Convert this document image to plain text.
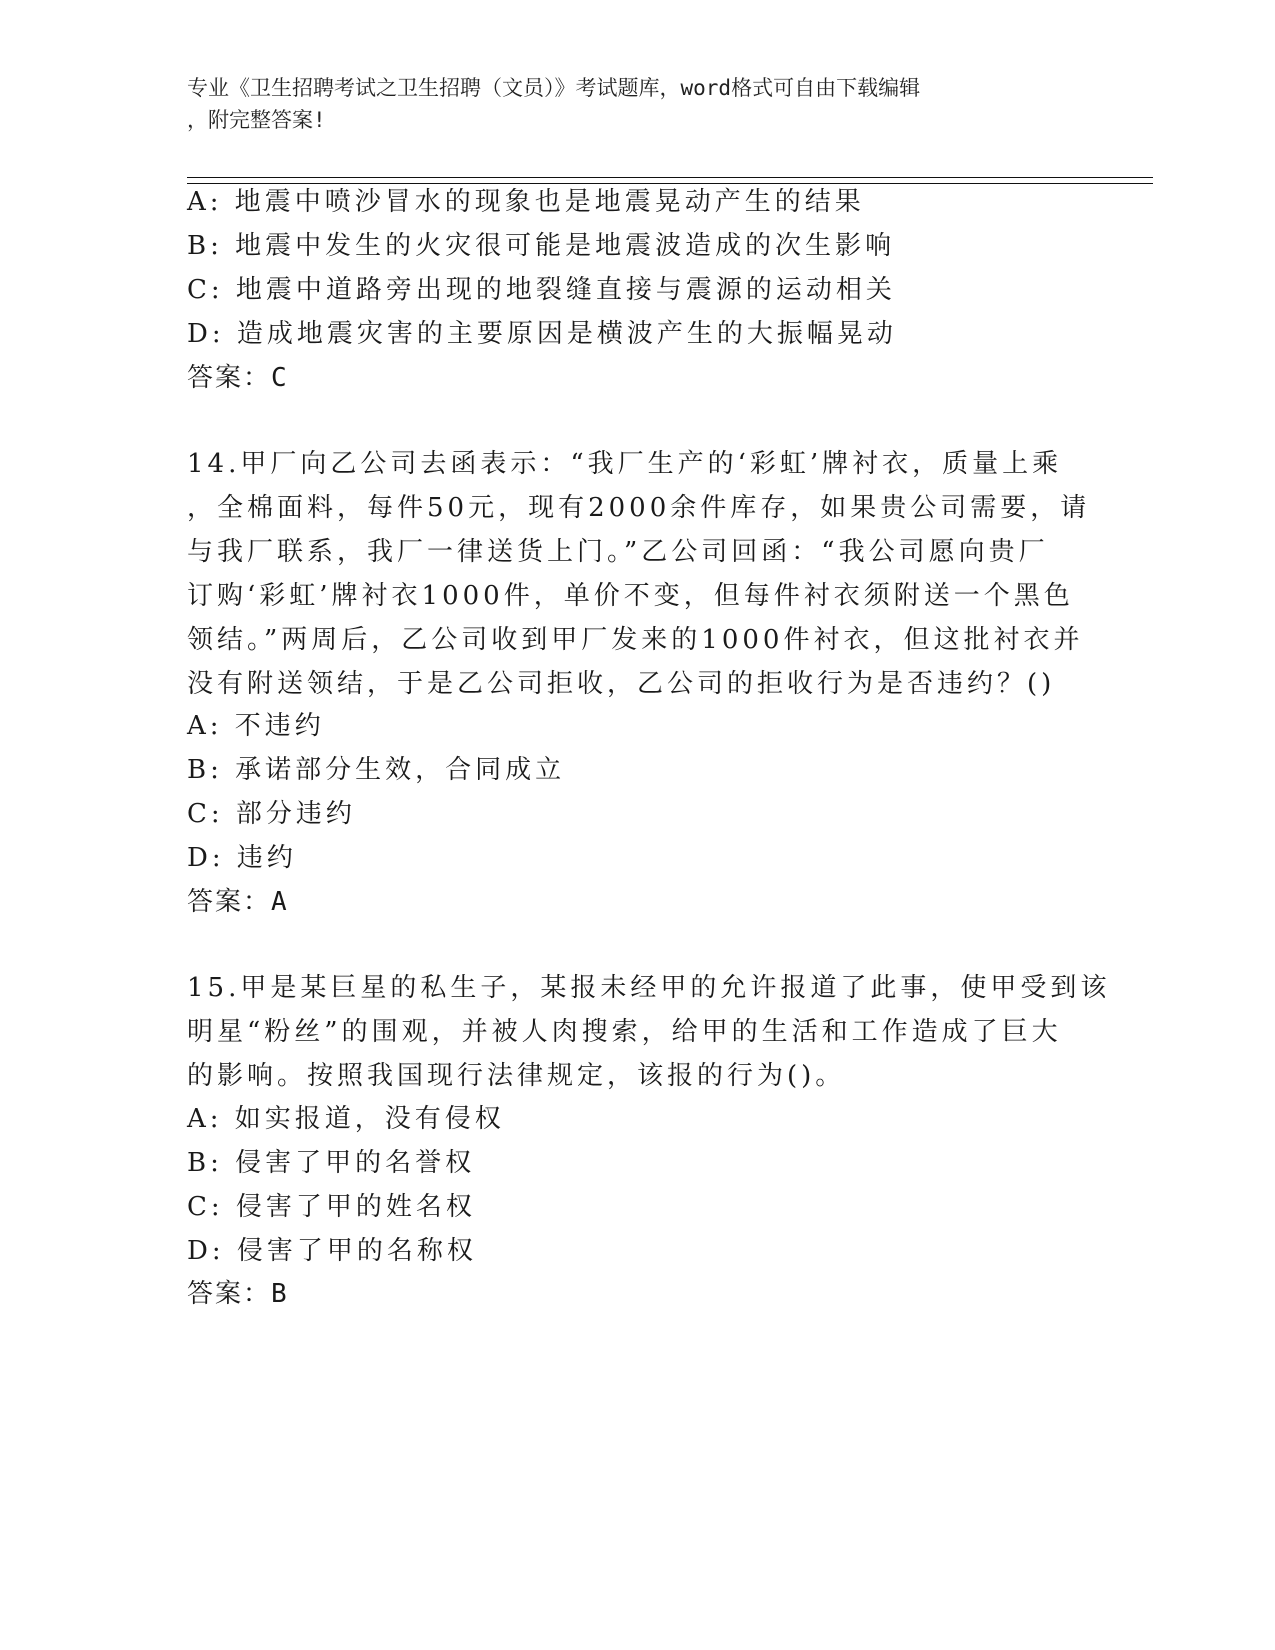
专业《卫生招聘考试之卫生招聘（文员）》考试题库，word格式可自由下载编辑
，附完整答案!
A: 地震中喷沙冒水的现象也是地震晃动产生的结果
B: 地震中发生的火灾很可能是地震波造成的次生影响
C: 地震中道路旁出现的地裂缝直接与震源的运动相关
D: 造成地震灾害的主要原因是横波产生的大振幅晃动
答案：C
14.甲厂向乙公司去函表示：“我厂生产的‘彩虹’牌衬衣，质量上乘
，全棉面料，每件50元，现有2000余件库存，如果贵公司需要，请
与我厂联系，我厂一律送货上门。”乙公司回函：“我公司愿向贵厂
订购‘彩虹’牌衬衣1000件，单价不变，但每件衬衣须附送一个黑色
领结。”两周后，乙公司收到甲厂发来的1000件衬衣，但这批衬衣并
没有附送领结，于是乙公司拒收，乙公司的拒收行为是否违约？()
A: 不违约
B: 承诺部分生效，合同成立
C: 部分违约
D: 违约
答案：A
15.甲是某巨星的私生子，某报未经甲的允许报道了此事，使甲受到该
明星“粉丝”的围观，并被人肉搜索，给甲的生活和工作造成了巨大
的影响。按照我国现行法律规定，该报的行为()。
A: 如实报道，没有侵权
B: 侵害了甲的名誉权
C: 侵害了甲的姓名权
D: 侵害了甲的名称权
答案：B
